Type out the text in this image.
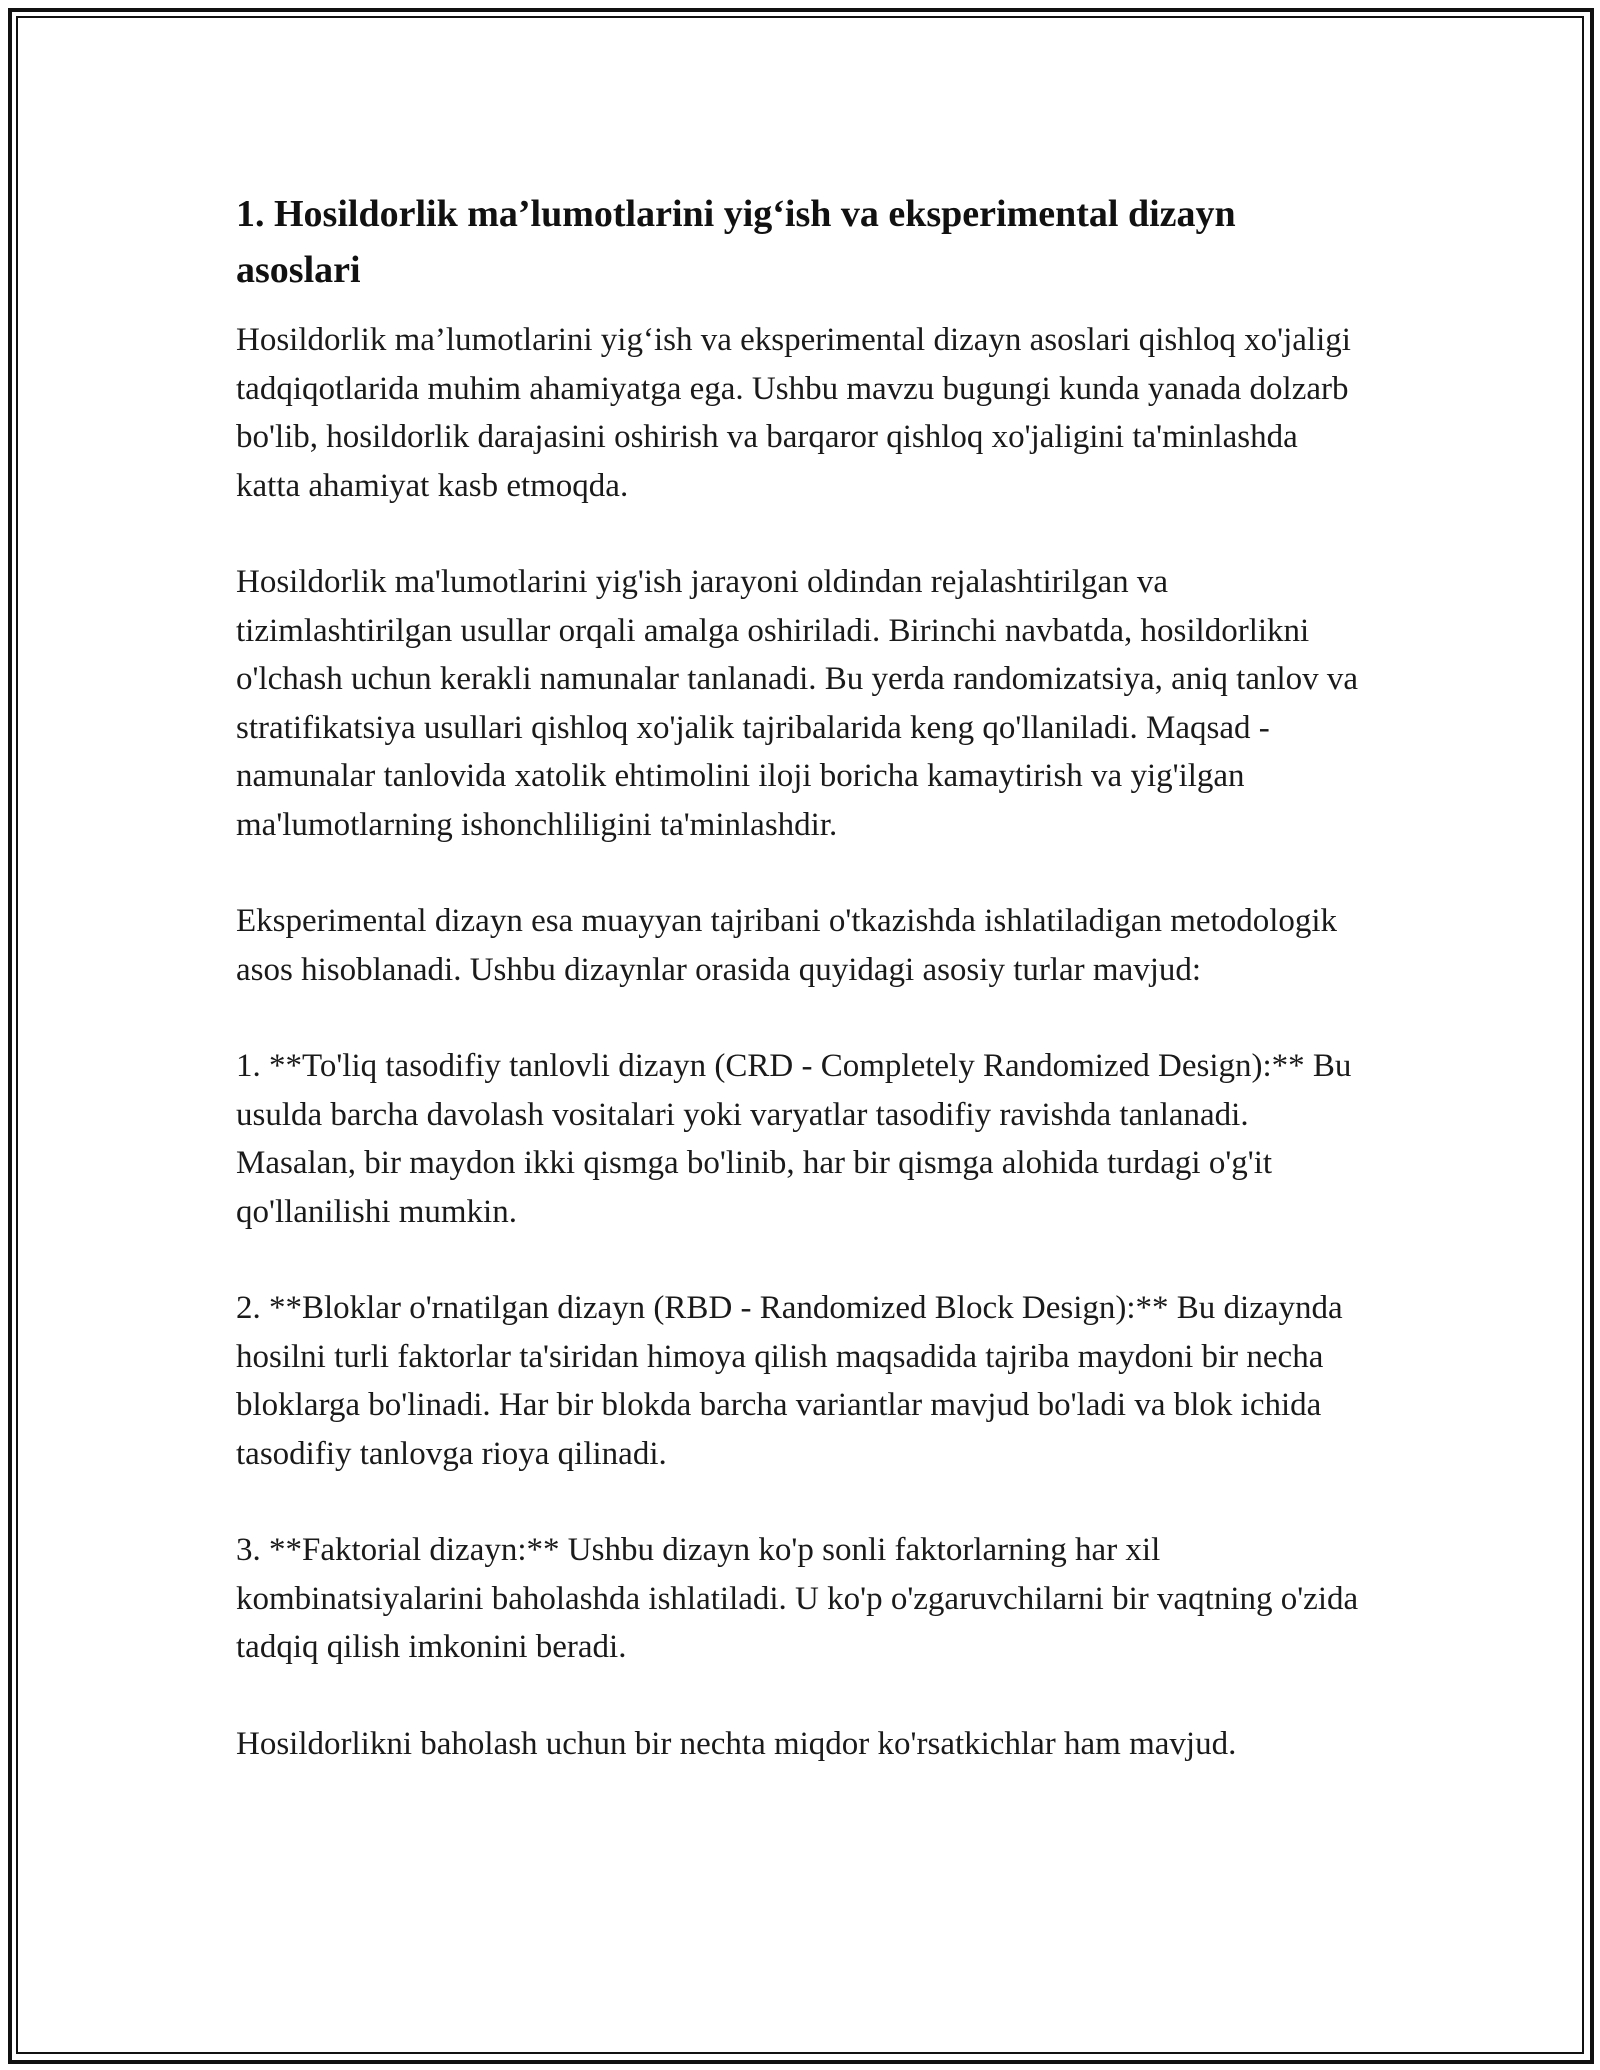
1. Hosildorlik ma’lumotlarini yig‘ish va eksperimental dizayn asoslari

Hosildorlik ma’lumotlarini yig‘ish va eksperimental dizayn asoslari qishloq xo'jaligi tadqiqotlarida muhim ahamiyatga ega. Ushbu mavzu bugungi kunda yanada dolzarb bo'lib, hosildorlik darajasini oshirish va barqaror qishloq xo'jaligini ta'minlashda katta ahamiyat kasb etmoqda.

Hosildorlik ma'lumotlarini yig'ish jarayoni oldindan rejalashtirilgan va tizimlashtirilgan usullar orqali amalga oshiriladi. Birinchi navbatda, hosildorlikni o'lchash uchun kerakli namunalar tanlanadi. Bu yerda randomizatsiya, aniq tanlov va stratifikatsiya usullari qishloq xo'jalik tajribalarida keng qo'llaniladi. Maqsad - namunalar tanlovida xatolik ehtimolini iloji boricha kamaytirish va yig'ilgan ma'lumotlarning ishonchliligini ta'minlashdir.

Eksperimental dizayn esa muayyan tajribani o'tkazishda ishlatiladigan metodologik asos hisoblanadi. Ushbu dizaynlar orasida quyidagi asosiy turlar mavjud:

1. **To'liq tasodifiy tanlovli dizayn (CRD - Completely Randomized Design):** Bu usulda barcha davolash vositalari yoki varyatlar tasodifiy ravishda tanlanadi. Masalan, bir maydon ikki qismga bo'linib, har bir qismga alohida turdagi o'g'it qo'llanilishi mumkin.

2. **Bloklar o'rnatilgan dizayn (RBD - Randomized Block Design):** Bu dizaynda hosilni turli faktorlar ta'siridan himoya qilish maqsadida tajriba maydoni bir necha bloklarga bo'linadi. Har bir blokda barcha variantlar mavjud bo'ladi va blok ichida tasodifiy tanlovga rioya qilinadi.

3. **Faktorial dizayn:** Ushbu dizayn ko'p sonli faktorlarning har xil kombinatsiyalarini baholashda ishlatiladi. U ko'p o'zgaruvchilarni bir vaqtning o'zida tadqiq qilish imkonini beradi.

Hosildorlikni baholash uchun bir nechta miqdor ko'rsatkichlar ham mavjud.
